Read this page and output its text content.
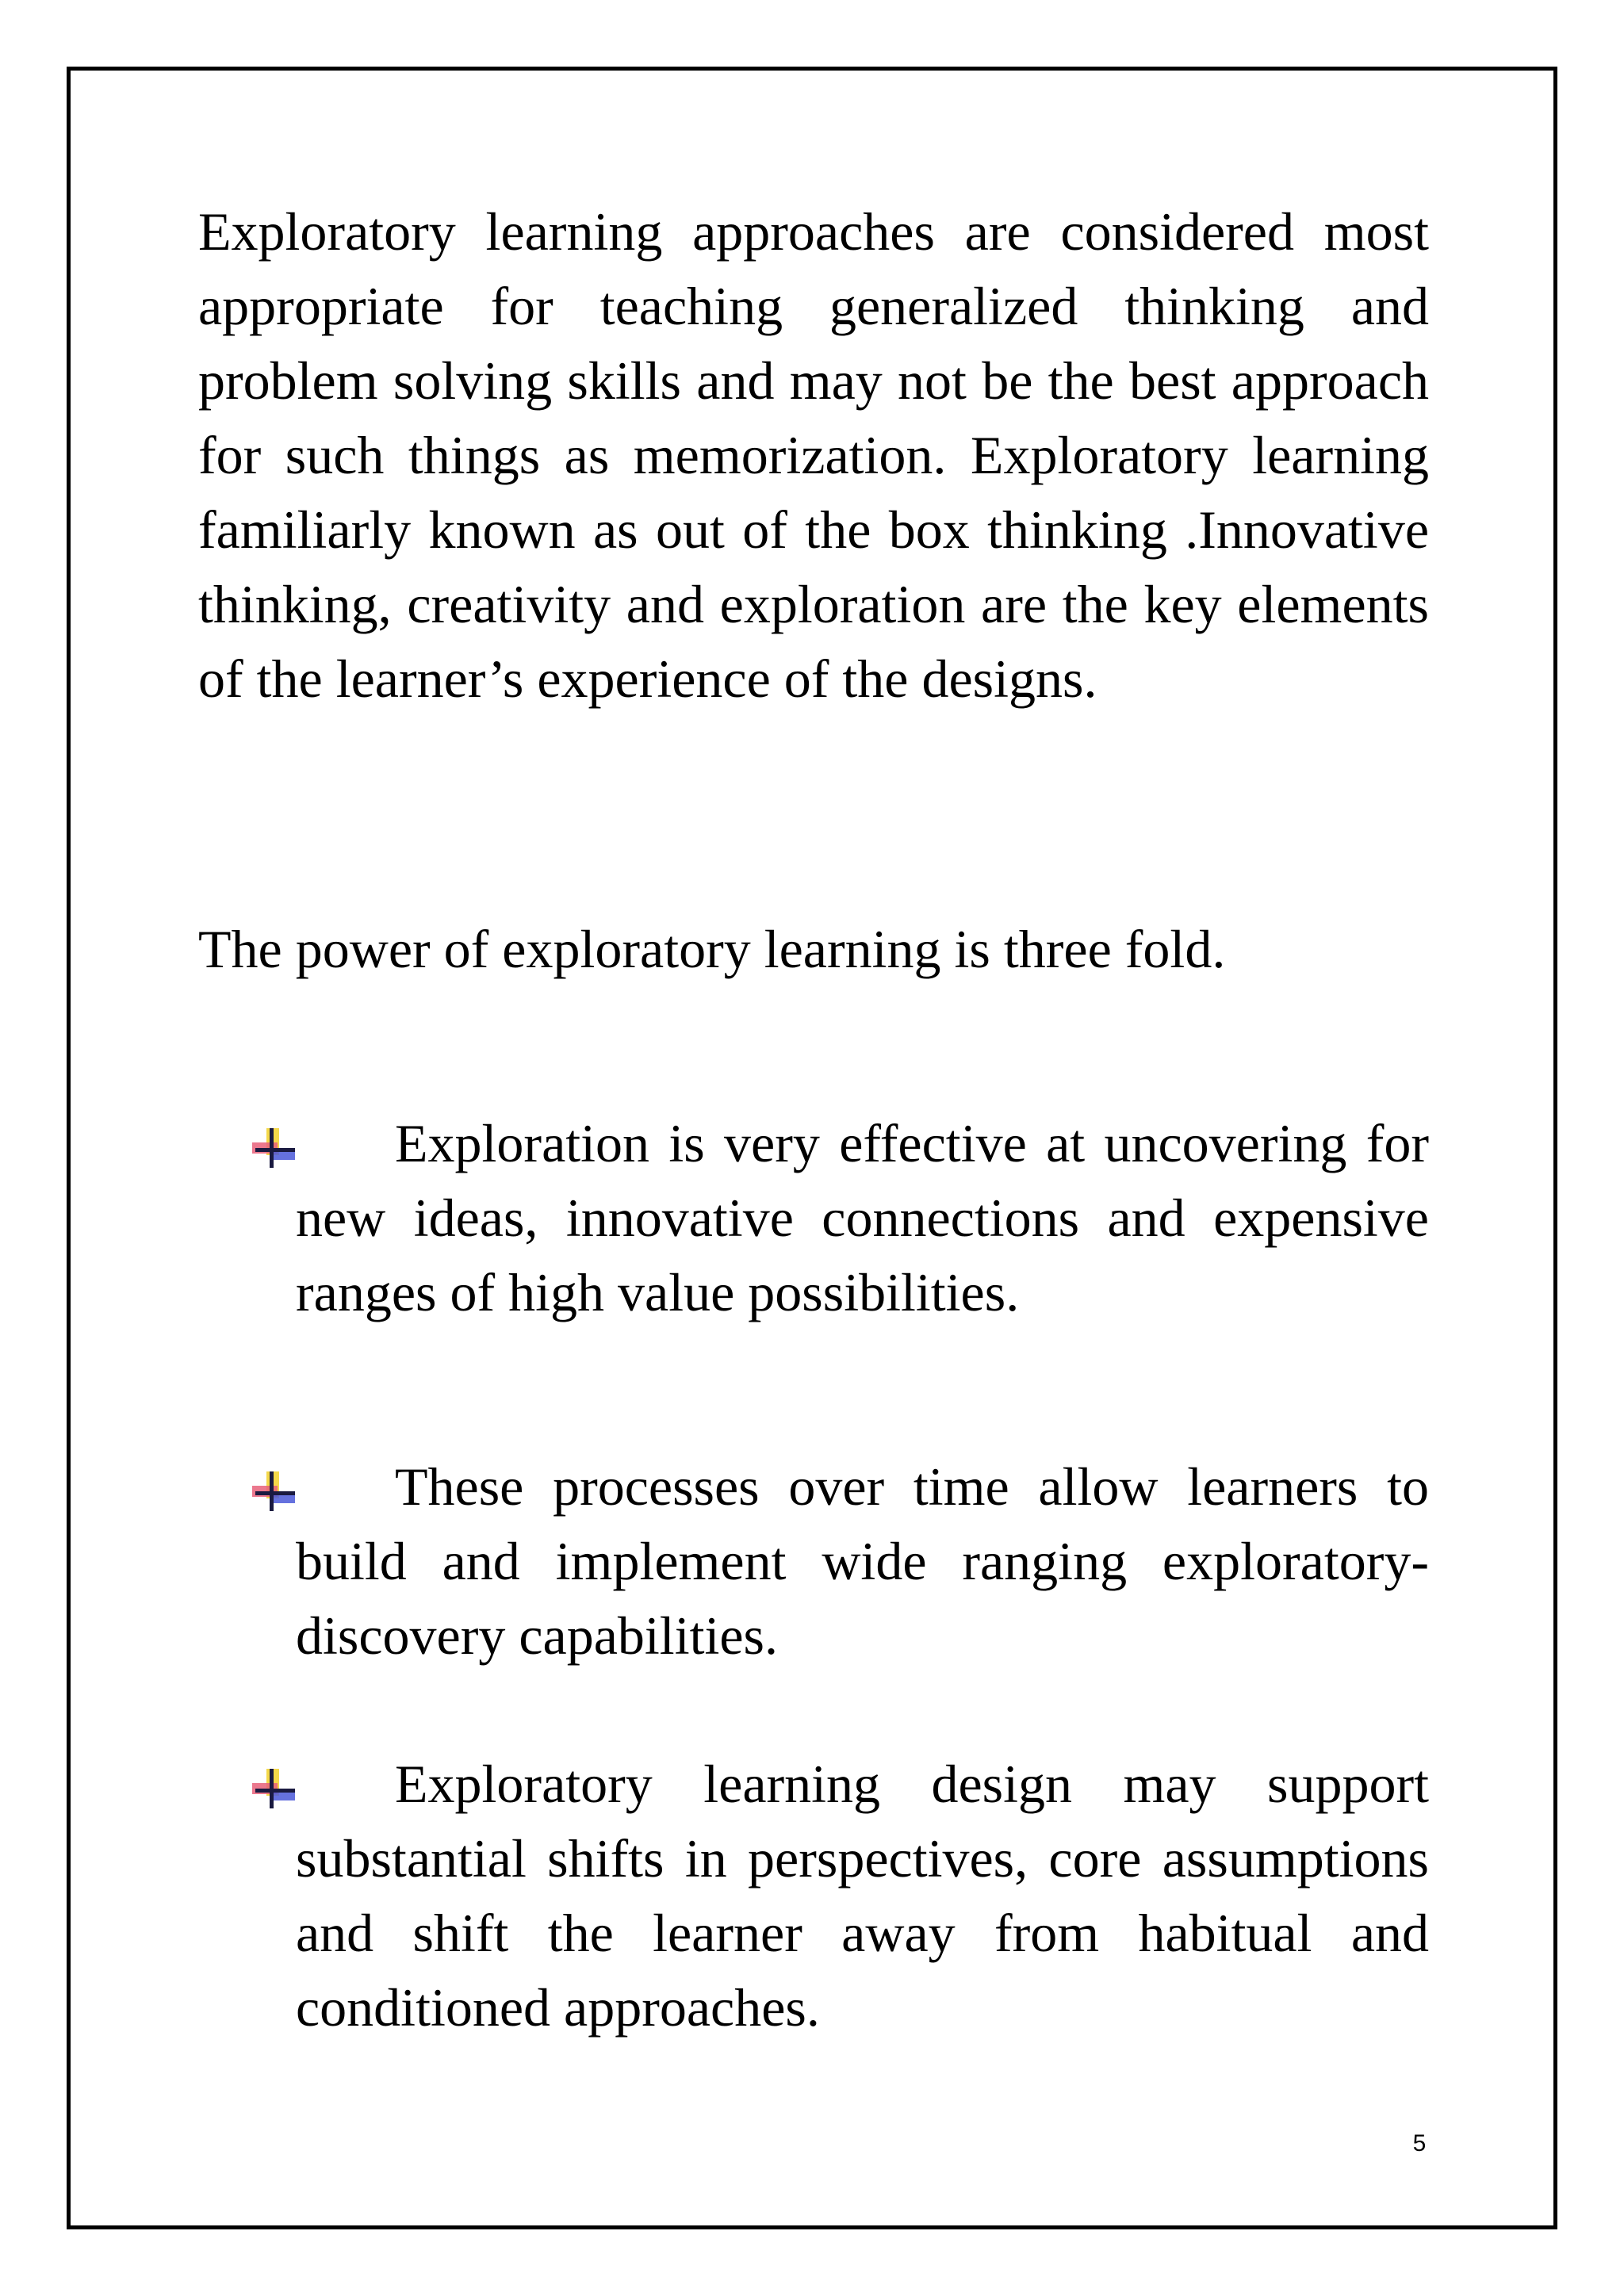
Exploratory learning approaches are considered most appropriate for teaching generalized thinking and problem solving skills and may not be the best approach for such things as memorization. Exploratory learning familiarly known as out of the box thinking .Innovative thinking, creativity and exploration are the key elements of the learner’s experience of the designs.

The power of exploratory learning is three fold.

Exploration is very effective at uncovering for new ideas, innovative connections and expensive ranges of high value possibilities.
These processes over time allow learners to build and implement wide ranging exploratory-discovery capabilities.
Exploratory learning design may support substantial shifts in perspectives, core assumptions and shift the learner away from habitual and conditioned approaches.
5
